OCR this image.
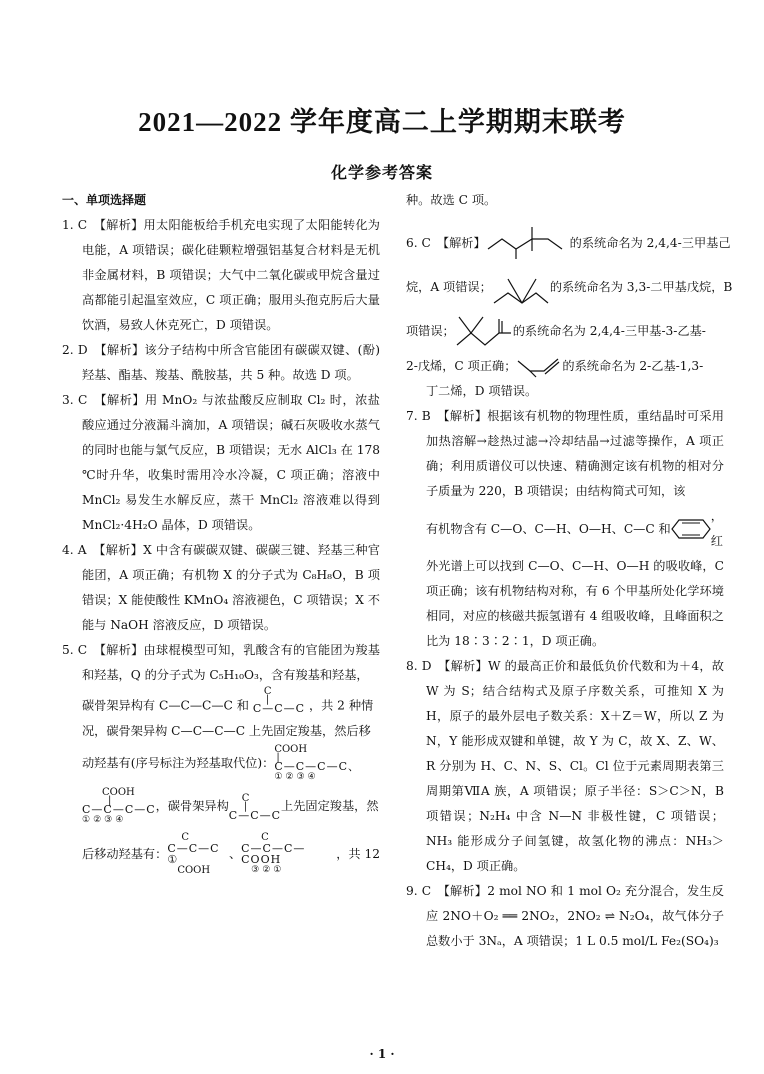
2021—2022 学年度高二上学期期末联考
化学参考答案
一、单项选择题

1. C　【解析】用太阳能板给手机充电实现了太阳能转化为电能，A 项错误；碳化硅颗粒增强铝基复合材料是无机非金属材料，B 项错误；大气中二氧化碳或甲烷含量过高都能引起温室效应，C 项正确；服用头孢克肟后大量饮酒，易致人休克死亡，D 项错误。

2. D　【解析】该分子结构中所含官能团有碳碳双键、(酚)羟基、酯基、羧基、酰胺基，共 5 种。故选 D 项。

3. C　【解析】用 MnO₂ 与浓盐酸反应制取 Cl₂ 时，浓盐酸应通过分液漏斗滴加，A 项错误；碱石灰吸收水蒸气的同时也能与氯气反应，B 项错误；无水 AlCl₃ 在 178 ℃时升华，收集时需用冷水冷凝，C 项正确；溶液中 MnCl₂ 易发生水解反应，蒸干 MnCl₂ 溶液难以得到 MnCl₂·4H₂O 晶体，D 项错误。

4. A　【解析】X 中含有碳碳双键、碳碳三键、羟基三种官能团，A 项正确；有机物 X 的分子式为 C₈H₈O，B 项错误；X 能使酸性 KMnO₄ 溶液褪色，C 项错误；X 不能与 NaOH 溶液反应，D 项错误。

5. C　【解析】由球棍模型可知，乳酸含有的官能团为羧基和羟基，Q 的分子式为 C₅H₁₀O₃，含有羧基和羟基，

碳骨架异构有 C—C—C—C 和
C
|
C—C—C ，共 2 种情况，碳骨架异构 C—C—C—C 上先固定羧基，然后移
动羟基有(序号标注为羟基取代位)：
COOH
|
C—C—C—C、
①②③④
COOH
|
C—C—C—C
①②③④
，碳骨架异构
C
|
C—C—C
上先固定羧基，然
后移动羟基有：
C
C—C—C ①
COOH
、
C
C—C—C—COOH
③②①
，共 12

种。故选 C 项。

6. C　【解析】	的系统命名为 2,4,4-三甲基己
烷，A 项错误；	的系统命名为 3,3-二甲基戊烷，B
项错误；	的系统命名为 2,4,4-三甲基-3-乙基-
2-戊烯，C 项正确；	的系统命名为 2-乙基-1,3-

丁二烯，D 项错误。

7. B　【解析】根据该有机物的物理性质，重结晶时可采用加热溶解→趁热过滤→冷却结晶→过滤等操作，A 项正确；利用质谱仪可以快速、精确测定该有机物的相对分子质量为 220，B 项错误；由结构简式可知，该

有机物含有 C—O、C—H、O—H、C—C 和
，红

外光谱上可以找到 C—O、C—H、O—H 的吸收峰，C 项正确；该有机物结构对称，有 6 个甲基所处化学环境相同，对应的核磁共振氢谱有 4 组吸收峰，且峰面积之比为 18∶3∶2∶1，D 项正确。

8. D　【解析】W 的最高正价和最低负价代数和为＋4，故 W 为 S；结合结构式及原子序数关系，可推知 X 为 H，原子的最外层电子数关系：X＋Z＝W，所以 Z 为 N，Y 能形成双键和单键，故 Y 为 C，故 X、Z、W、R 分别为 H、C、N、S、Cl。Cl 位于元素周期表第三周期第ⅦA 族，A 项错误；原子半径：S＞C＞N，B 项错误；N₂H₄ 中含 N—N 非极性键，C 项错误；NH₃ 能形成分子间氢键，故氢化物的沸点：NH₃＞CH₄，D 项正确。

9. C　【解析】2 mol NO 和 1 mol O₂ 充分混合，发生反应 2NO＋O₂ ══ 2NO₂，2NO₂ ⇌ N₂O₄，故气体分子总数小于 3Nₐ，A 项错误；1 L 0.5 mol/L Fe₂(SO₄)₃

· 1 ·
